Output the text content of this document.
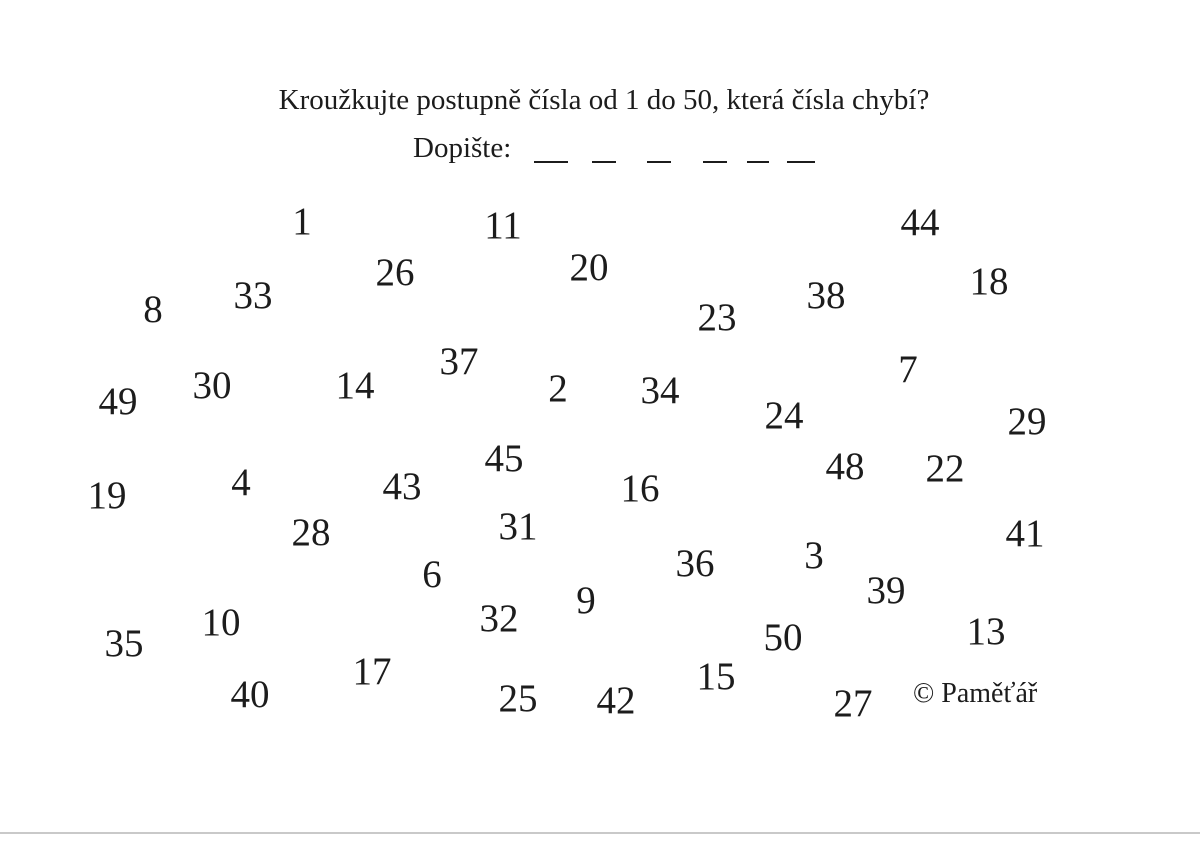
Kroužkujte postupně čísla od 1 do 50, která čísla chybí?
Dopište:
1	11	44
26	20	18
8 33	38
23
37	7
49 30	14	2 34
24	29
45	48 22
19	4	43	16
31
28	41
36 3
6	39
9
32
10	13
35	50
17	15
40	25 42	27 © Paměťář
